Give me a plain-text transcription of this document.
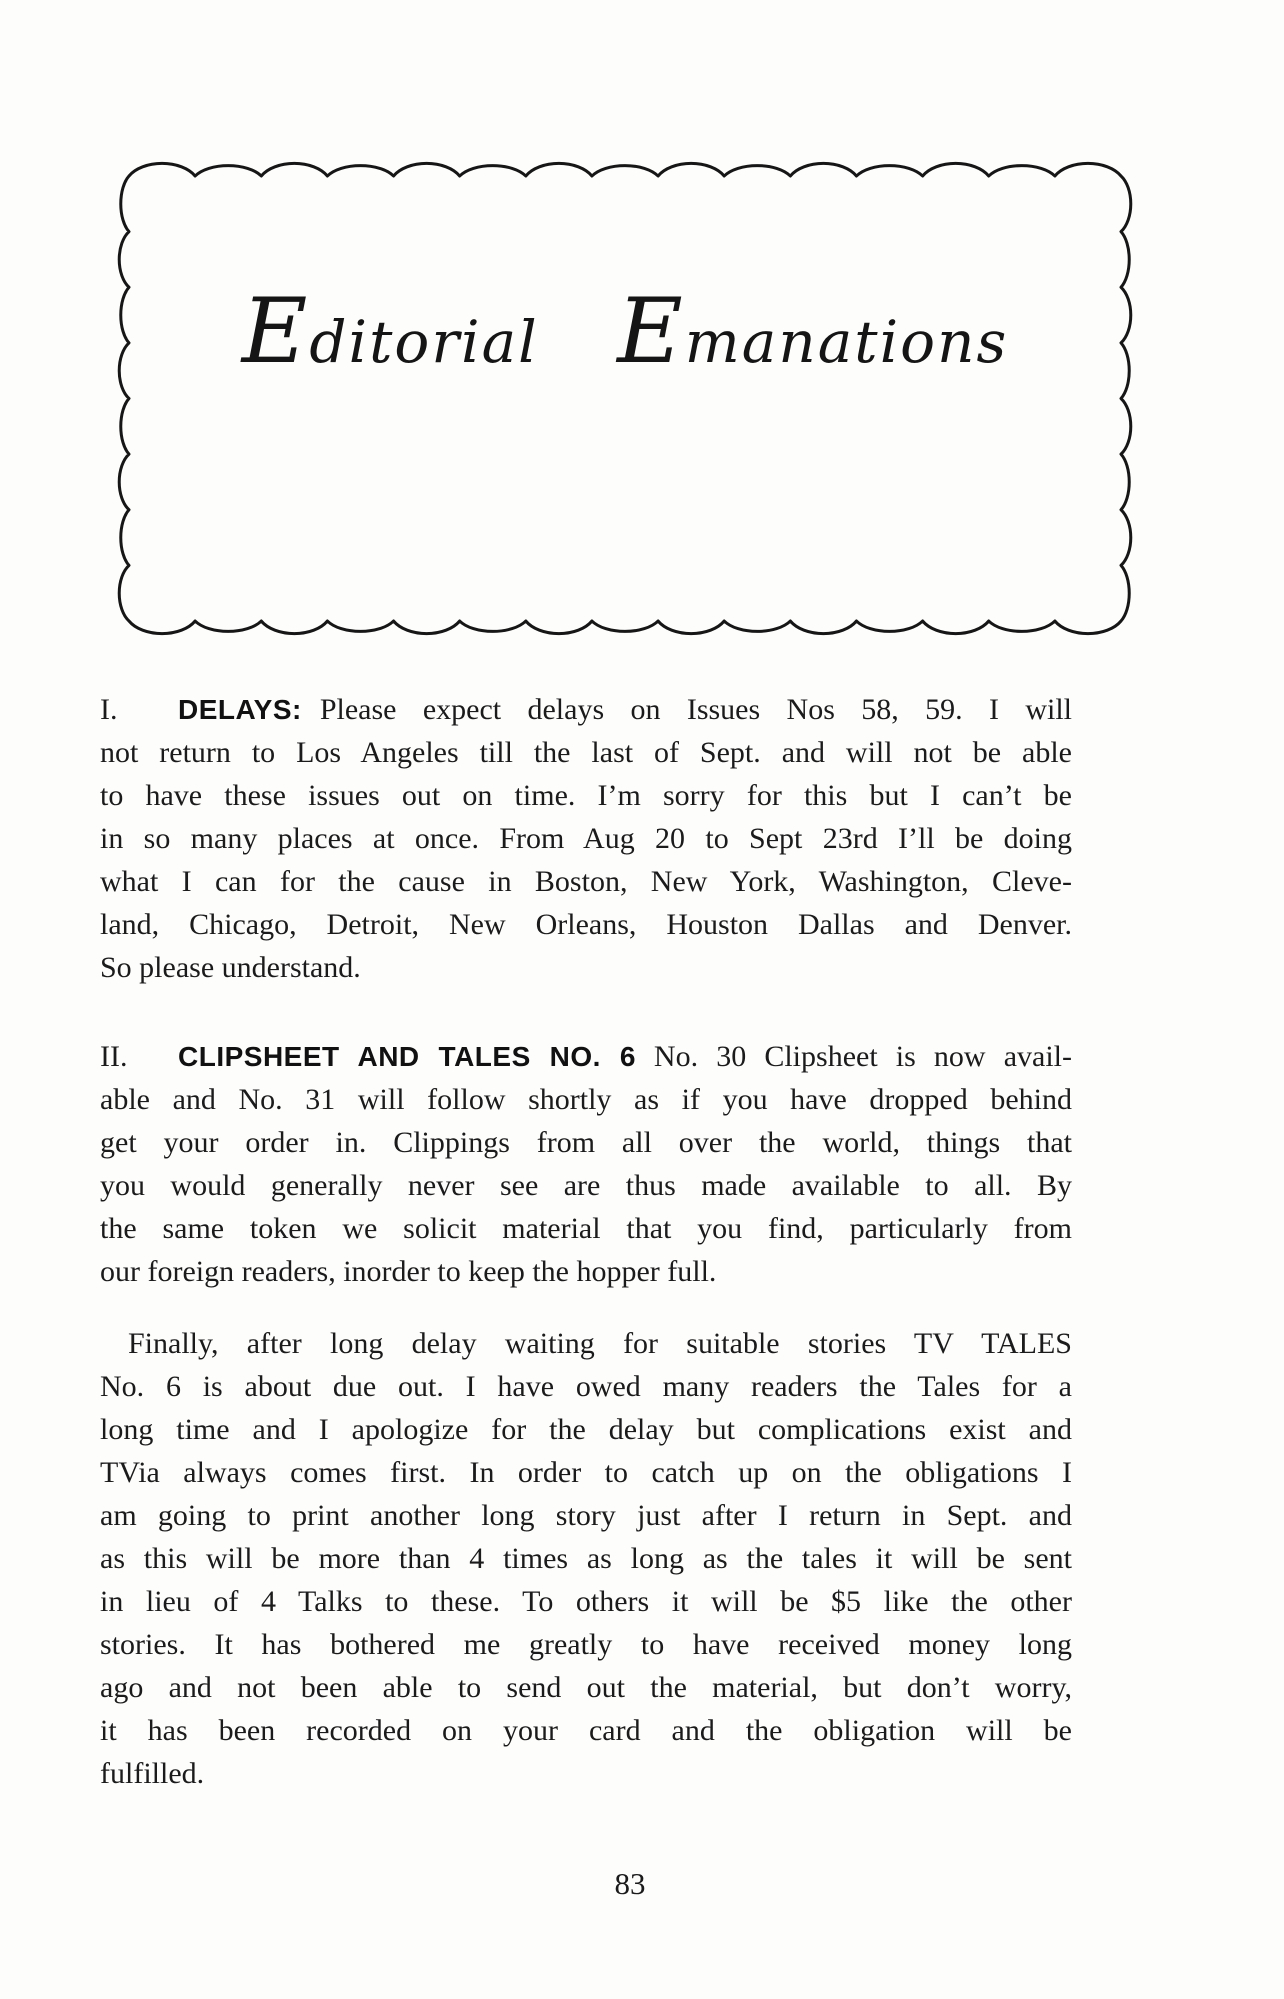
Editorial Emanations
I. DELAYS: Please expect delays on Issues Nos 58, 59. I will
not return to Los Angeles till the last of Sept. and will not be able
to have these issues out on time. I’m sorry for this but I can’t be
in so many places at once. From Aug 20 to Sept 23rd I’ll be doing
what I can for the cause in Boston, New York, Washington, Cleve-
land, Chicago, Detroit, New Orleans, Houston Dallas and Denver.
So please understand.
II. CLIPSHEET AND TALES NO. 6 No. 30 Clipsheet is now avail-
able and No. 31 will follow shortly as if you have dropped behind
get your order in. Clippings from all over the world, things that
you would generally never see are thus made available to all. By
the same token we solicit material that you find, particularly from
our foreign readers, inorder to keep the hopper full.
Finally, after long delay waiting for suitable stories TV TALES
No. 6 is about due out. I have owed many readers the Tales for a
long time and I apologize for the delay but complications exist and
TVia always comes first. In order to catch up on the obligations I
am going to print another long story just after I return in Sept. and
as this will be more than 4 times as long as the tales it will be sent
in lieu of 4 Talks to these. To others it will be $5 like the other
stories. It has bothered me greatly to have received money long
ago and not been able to send out the material, but don’t worry,
it has been recorded on your card and the obligation will be
fulfilled.
83
